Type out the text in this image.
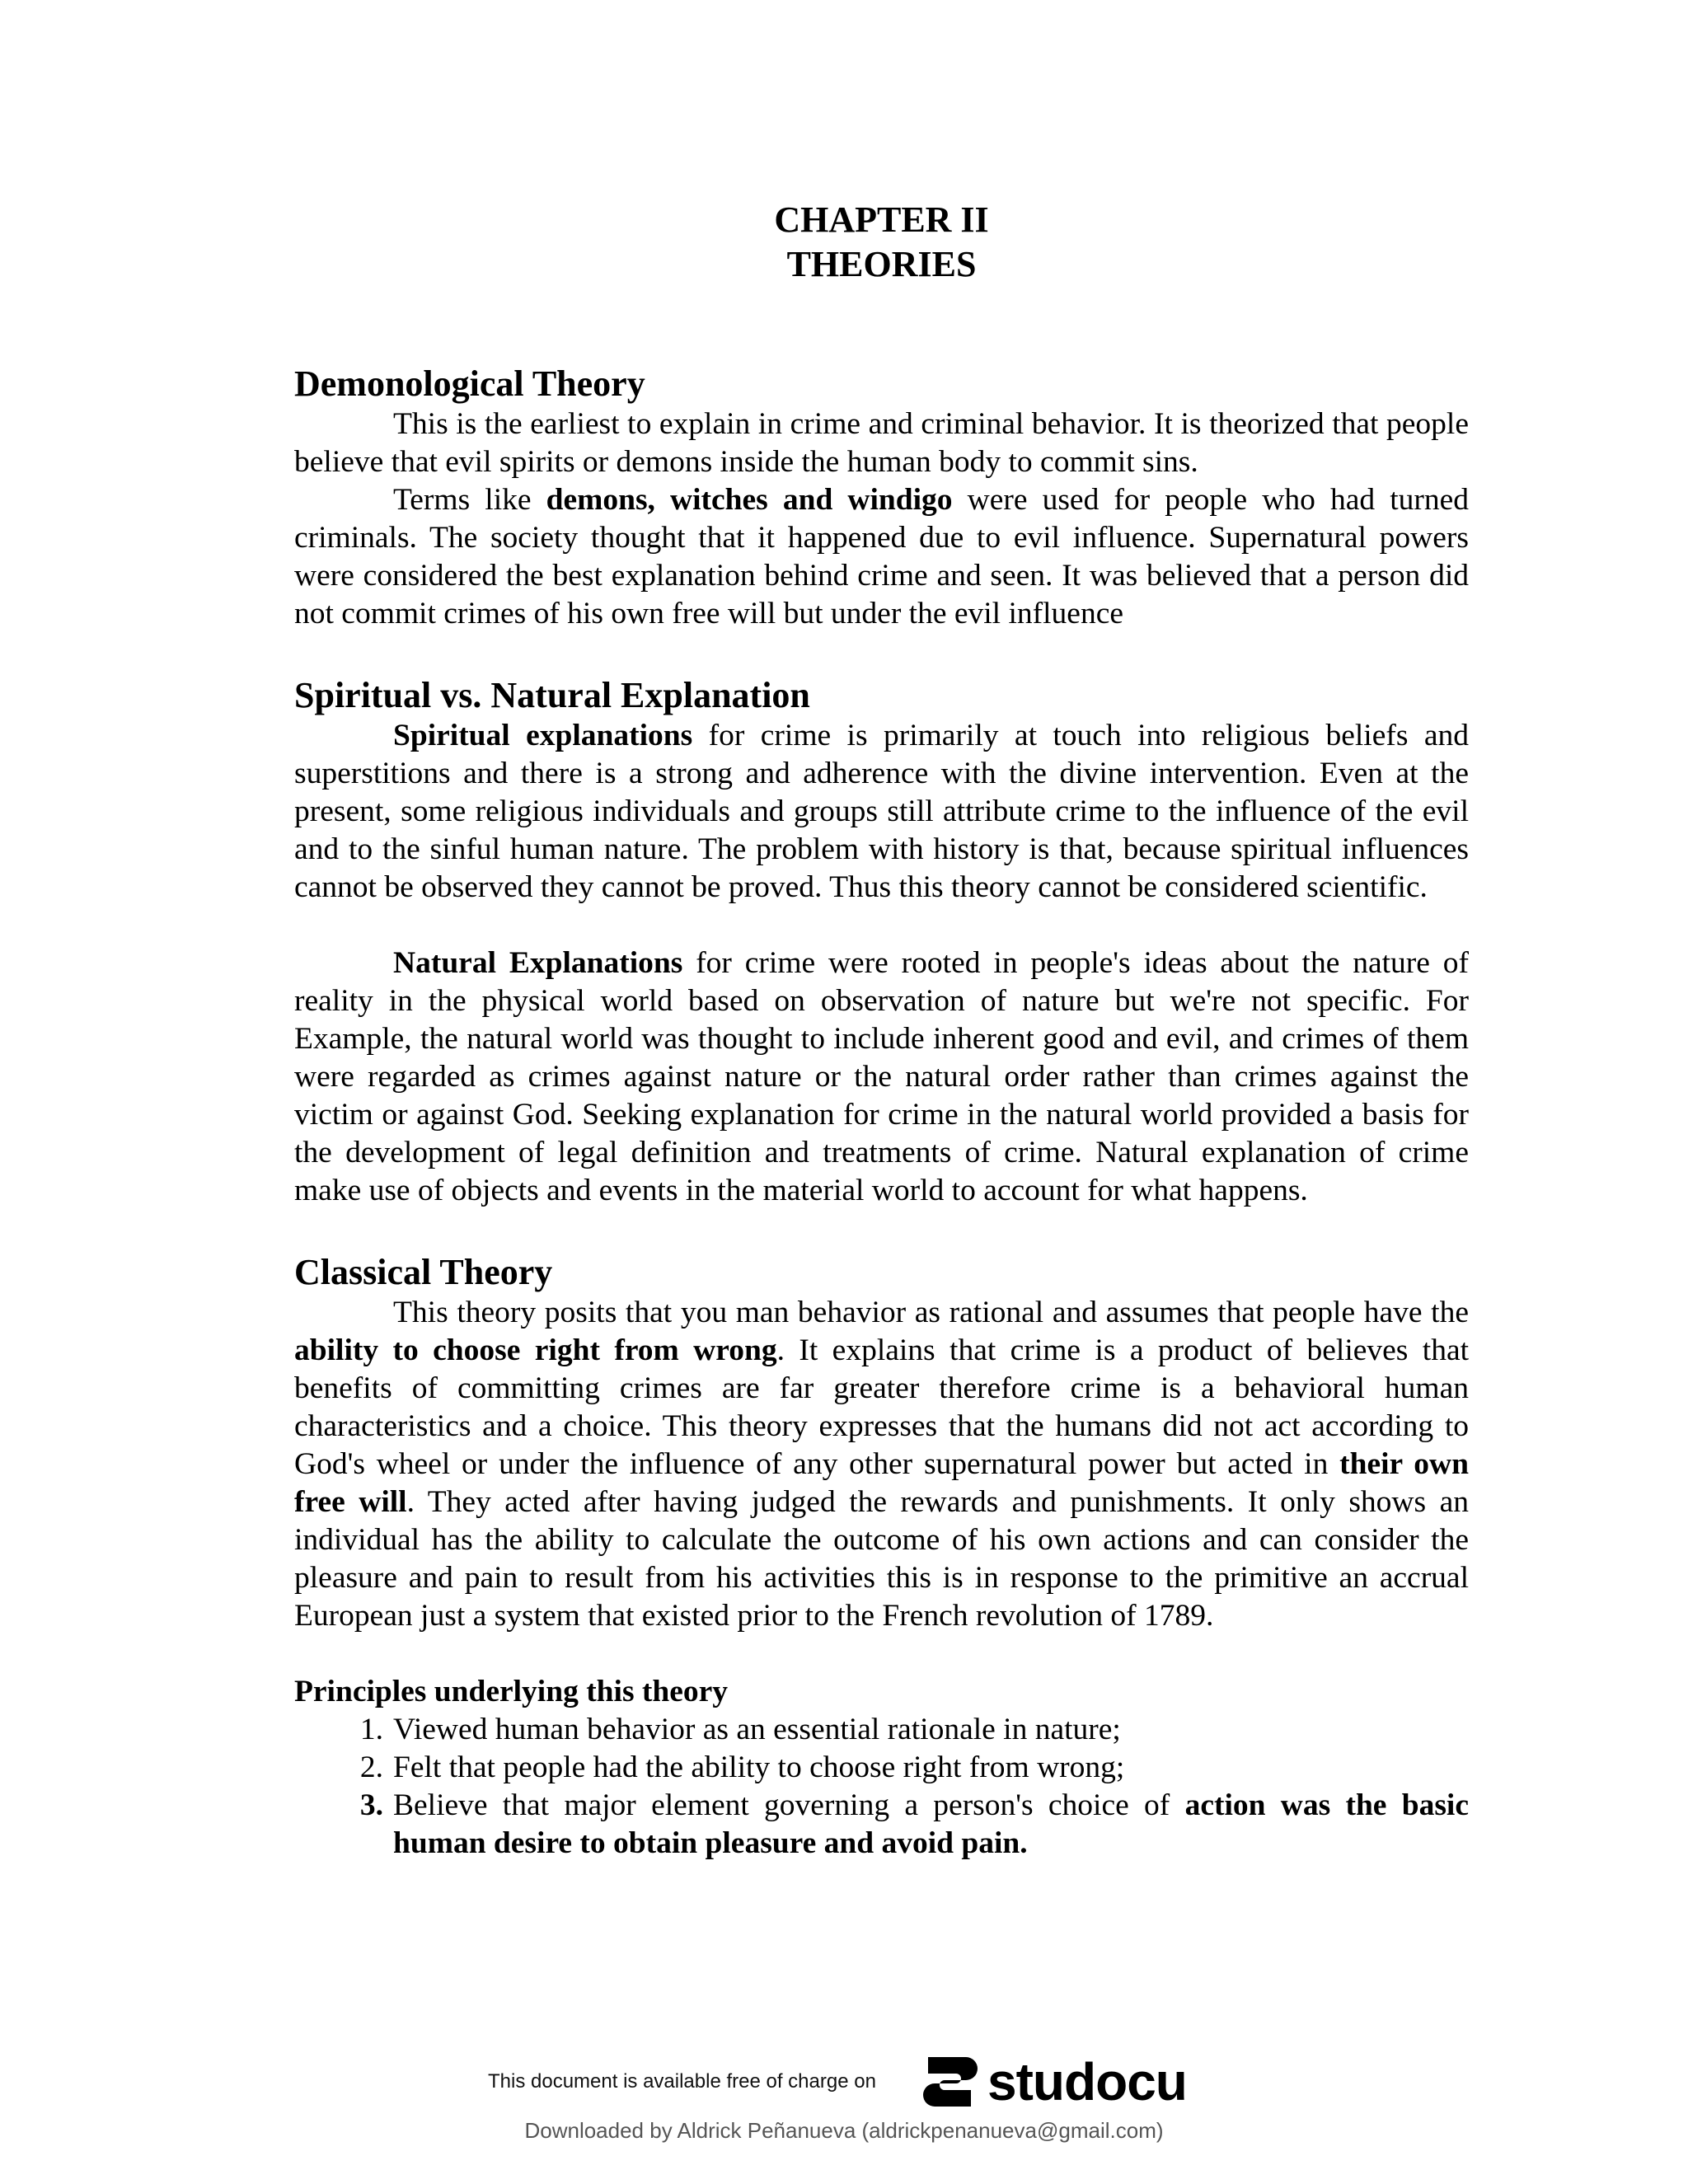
CHAPTER II
THEORIES
Demonological Theory

This is the earliest to explain in crime and criminal behavior. It is theorized that people believe that evil spirits or demons inside the human body to commit sins.

Terms like demons, witches and windigo were used for people who had turned criminals. The society thought that it happened due to evil influence. Supernatural powers were considered the best explanation behind crime and seen. It was believed that a person did not commit crimes of his own free will but under the evil influence

Spiritual vs. Natural Explanation

Spiritual explanations for crime is primarily at touch into religious beliefs and superstitions and there is a strong and adherence with the divine intervention. Even at the present, some religious individuals and groups still attribute crime to the influence of the evil and to the sinful human nature. The problem with history is that, because spiritual influences cannot be observed they cannot be proved. Thus this theory cannot be considered scientific.

Natural Explanations for crime were rooted in people's ideas about the nature of reality in the physical world based on observation of nature but we're not specific. For Example, the natural world was thought to include inherent good and evil, and crimes of them were regarded as crimes against nature or the natural order rather than crimes against the victim or against God. Seeking explanation for crime in the natural world provided a basis for the development of legal definition and treatments of crime. Natural explanation of crime make use of objects and events in the material world to account for what happens.

Classical Theory

This theory posits that you man behavior as rational and assumes that people have the ability to choose right from wrong. It explains that crime is a product of believes that benefits of committing crimes are far greater therefore crime is a behavioral human characteristics and a choice. This theory expresses that the humans did not act according to God's wheel or under the influence of any other supernatural power but acted in their own free will. They acted after having judged the rewards and punishments. It only shows an individual has the ability to calculate the outcome of his own actions and can consider the pleasure and pain to result from his activities this is in response to the primitive an accrual European just a system that existed prior to the French revolution of 1789.

Principles underlying this theory
1. Viewed human behavior as an essential rationale in nature;
2. Felt that people had the ability to choose right from wrong;
3. Believe that major element governing a person's choice of action was the basic human desire to obtain pleasure and avoid pain.
This document is available free of charge on studocu
Downloaded by Aldrick Peñanueva (aldrickpenanueva@gmail.com)
